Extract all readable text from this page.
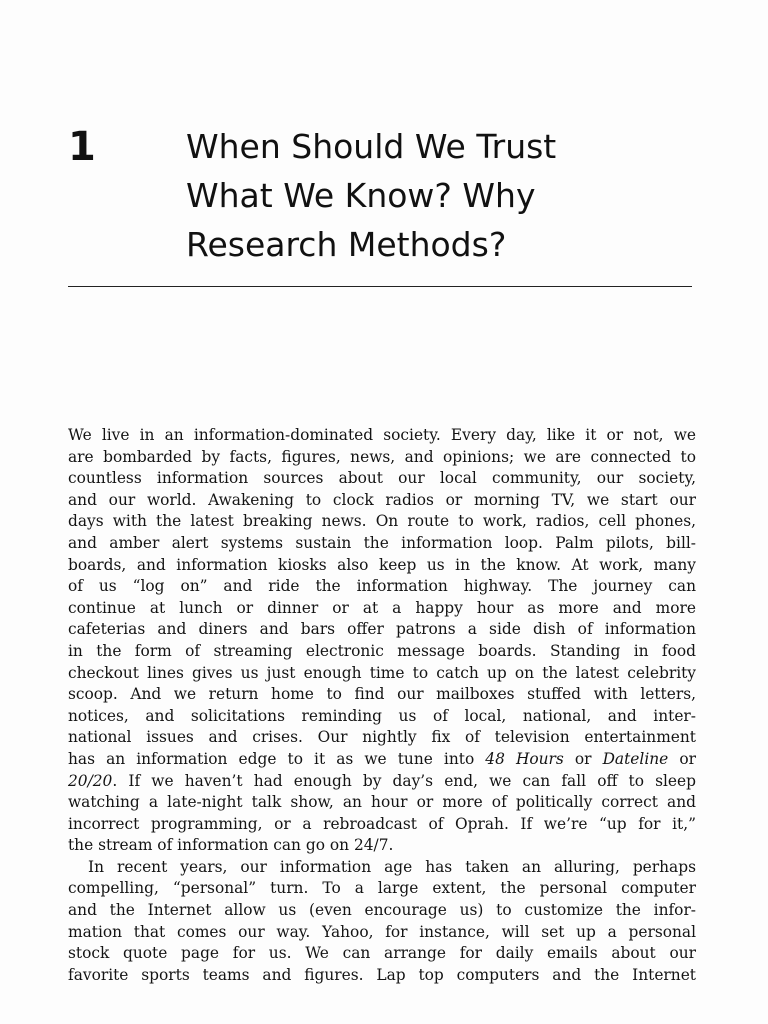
1	When Should We Trust
What We Know? Why
Research Methods?
We live in an information-dominated society. Every day, like it or not, we
are bombarded by facts, figures, news, and opinions; we are connected to
countless information sources about our local community, our society,
and our world. Awakening to clock radios or morning TV, we start our
days with the latest breaking news. On route to work, radios, cell phones,
and amber alert systems sustain the information loop. Palm pilots, bill-
boards, and information kiosks also keep us in the know. At work, many
of us “log on” and ride the information highway. The journey can
continue at lunch or dinner or at a happy hour as more and more
cafeterias and diners and bars offer patrons a side dish of information
in the form of streaming electronic message boards. Standing in food
checkout lines gives us just enough time to catch up on the latest celebrity
scoop. And we return home to find our mailboxes stuffed with letters,
notices, and solicitations reminding us of local, national, and inter-
national issues and crises. Our nightly fix of television entertainment
has an information edge to it as we tune into 48 Hours or Dateline or
20/20. If we haven’t had enough by day’s end, we can fall off to sleep
watching a late-night talk show, an hour or more of politically correct and
incorrect programming, or a rebroadcast of Oprah. If we’re “up for it,”
the stream of information can go on 24/7.
In recent years, our information age has taken an alluring, perhaps
compelling, “personal” turn. To a large extent, the personal computer
and the Internet allow us (even encourage us) to customize the infor-
mation that comes our way. Yahoo, for instance, will set up a personal
stock quote page for us. We can arrange for daily emails about our
favorite sports teams and figures. Lap top computers and the Internet
